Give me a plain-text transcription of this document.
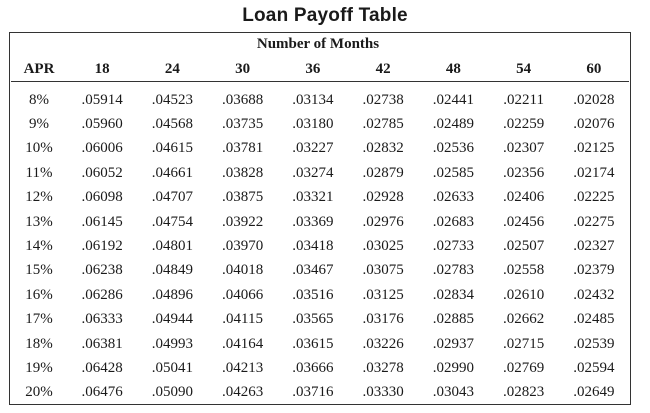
Loan Payoff Table
Number of Months
APR	18	24	30	36	42	48	54	60
8%	.05914	.04523	.03688	.03134	.02738	.02441	.02211	.02028
9%	.05960	.04568	.03735	.03180	.02785	.02489	.02259	.02076
10%	.06006	.04615	.03781	.03227	.02832	.02536	.02307	.02125
11%	.06052	.04661	.03828	.03274	.02879	.02585	.02356	.02174
12%	.06098	.04707	.03875	.03321	.02928	.02633	.02406	.02225
13%	.06145	.04754	.03922	.03369	.02976	.02683	.02456	.02275
14%	.06192	.04801	.03970	.03418	.03025	.02733	.02507	.02327
15%	.06238	.04849	.04018	.03467	.03075	.02783	.02558	.02379
16%	.06286	.04896	.04066	.03516	.03125	.02834	.02610	.02432
17%	.06333	.04944	.04115	.03565	.03176	.02885	.02662	.02485
18%	.06381	.04993	.04164	.03615	.03226	.02937	.02715	.02539
19%	.06428	.05041	.04213	.03666	.03278	.02990	.02769	.02594
20%	.06476	.05090	.04263	.03716	.03330	.03043	.02823	.02649
